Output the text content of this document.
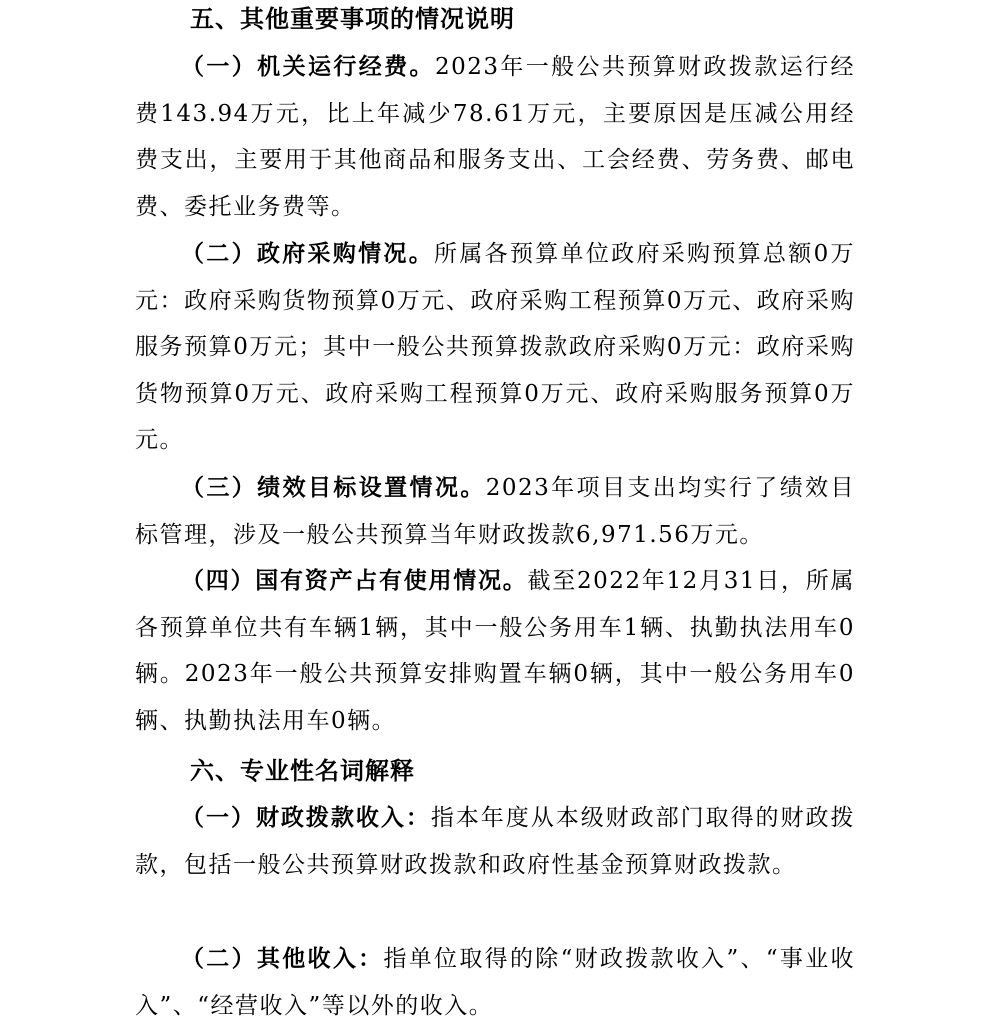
五、其他重要事项的情况说明

（一）机关运行经费。2023年一般公共预算财政拨款运行经费143.94万元，比上年减少78.61万元，主要原因是压减公用经费支出，主要用于其他商品和服务支出、工会经费、劳务费、邮电费、委托业务费等。

（二）政府采购情况。所属各预算单位政府采购预算总额0万元：政府采购货物预算0万元、政府采购工程预算0万元、政府采购服务预算0万元；其中一般公共预算拨款政府采购0万元：政府采购货物预算0万元、政府采购工程预算0万元、政府采购服务预算0万元。

（三）绩效目标设置情况。2023年项目支出均实行了绩效目标管理，涉及一般公共预算当年财政拨款6,971.56万元。

（四）国有资产占有使用情况。截至2022年12月31日，所属各预算单位共有车辆1辆，其中一般公务用车1辆、执勤执法用车0辆。2023年一般公共预算安排购置车辆0辆，其中一般公务用车0辆、执勤执法用车0辆。

六、专业性名词解释

（一）财政拨款收入：指本年度从本级财政部门取得的财政拨款，包括一般公共预算财政拨款和政府性基金预算财政拨款。

（二）其他收入：指单位取得的除“财政拨款收入”、“事业收入”、“经营收入”等以外的收入。
